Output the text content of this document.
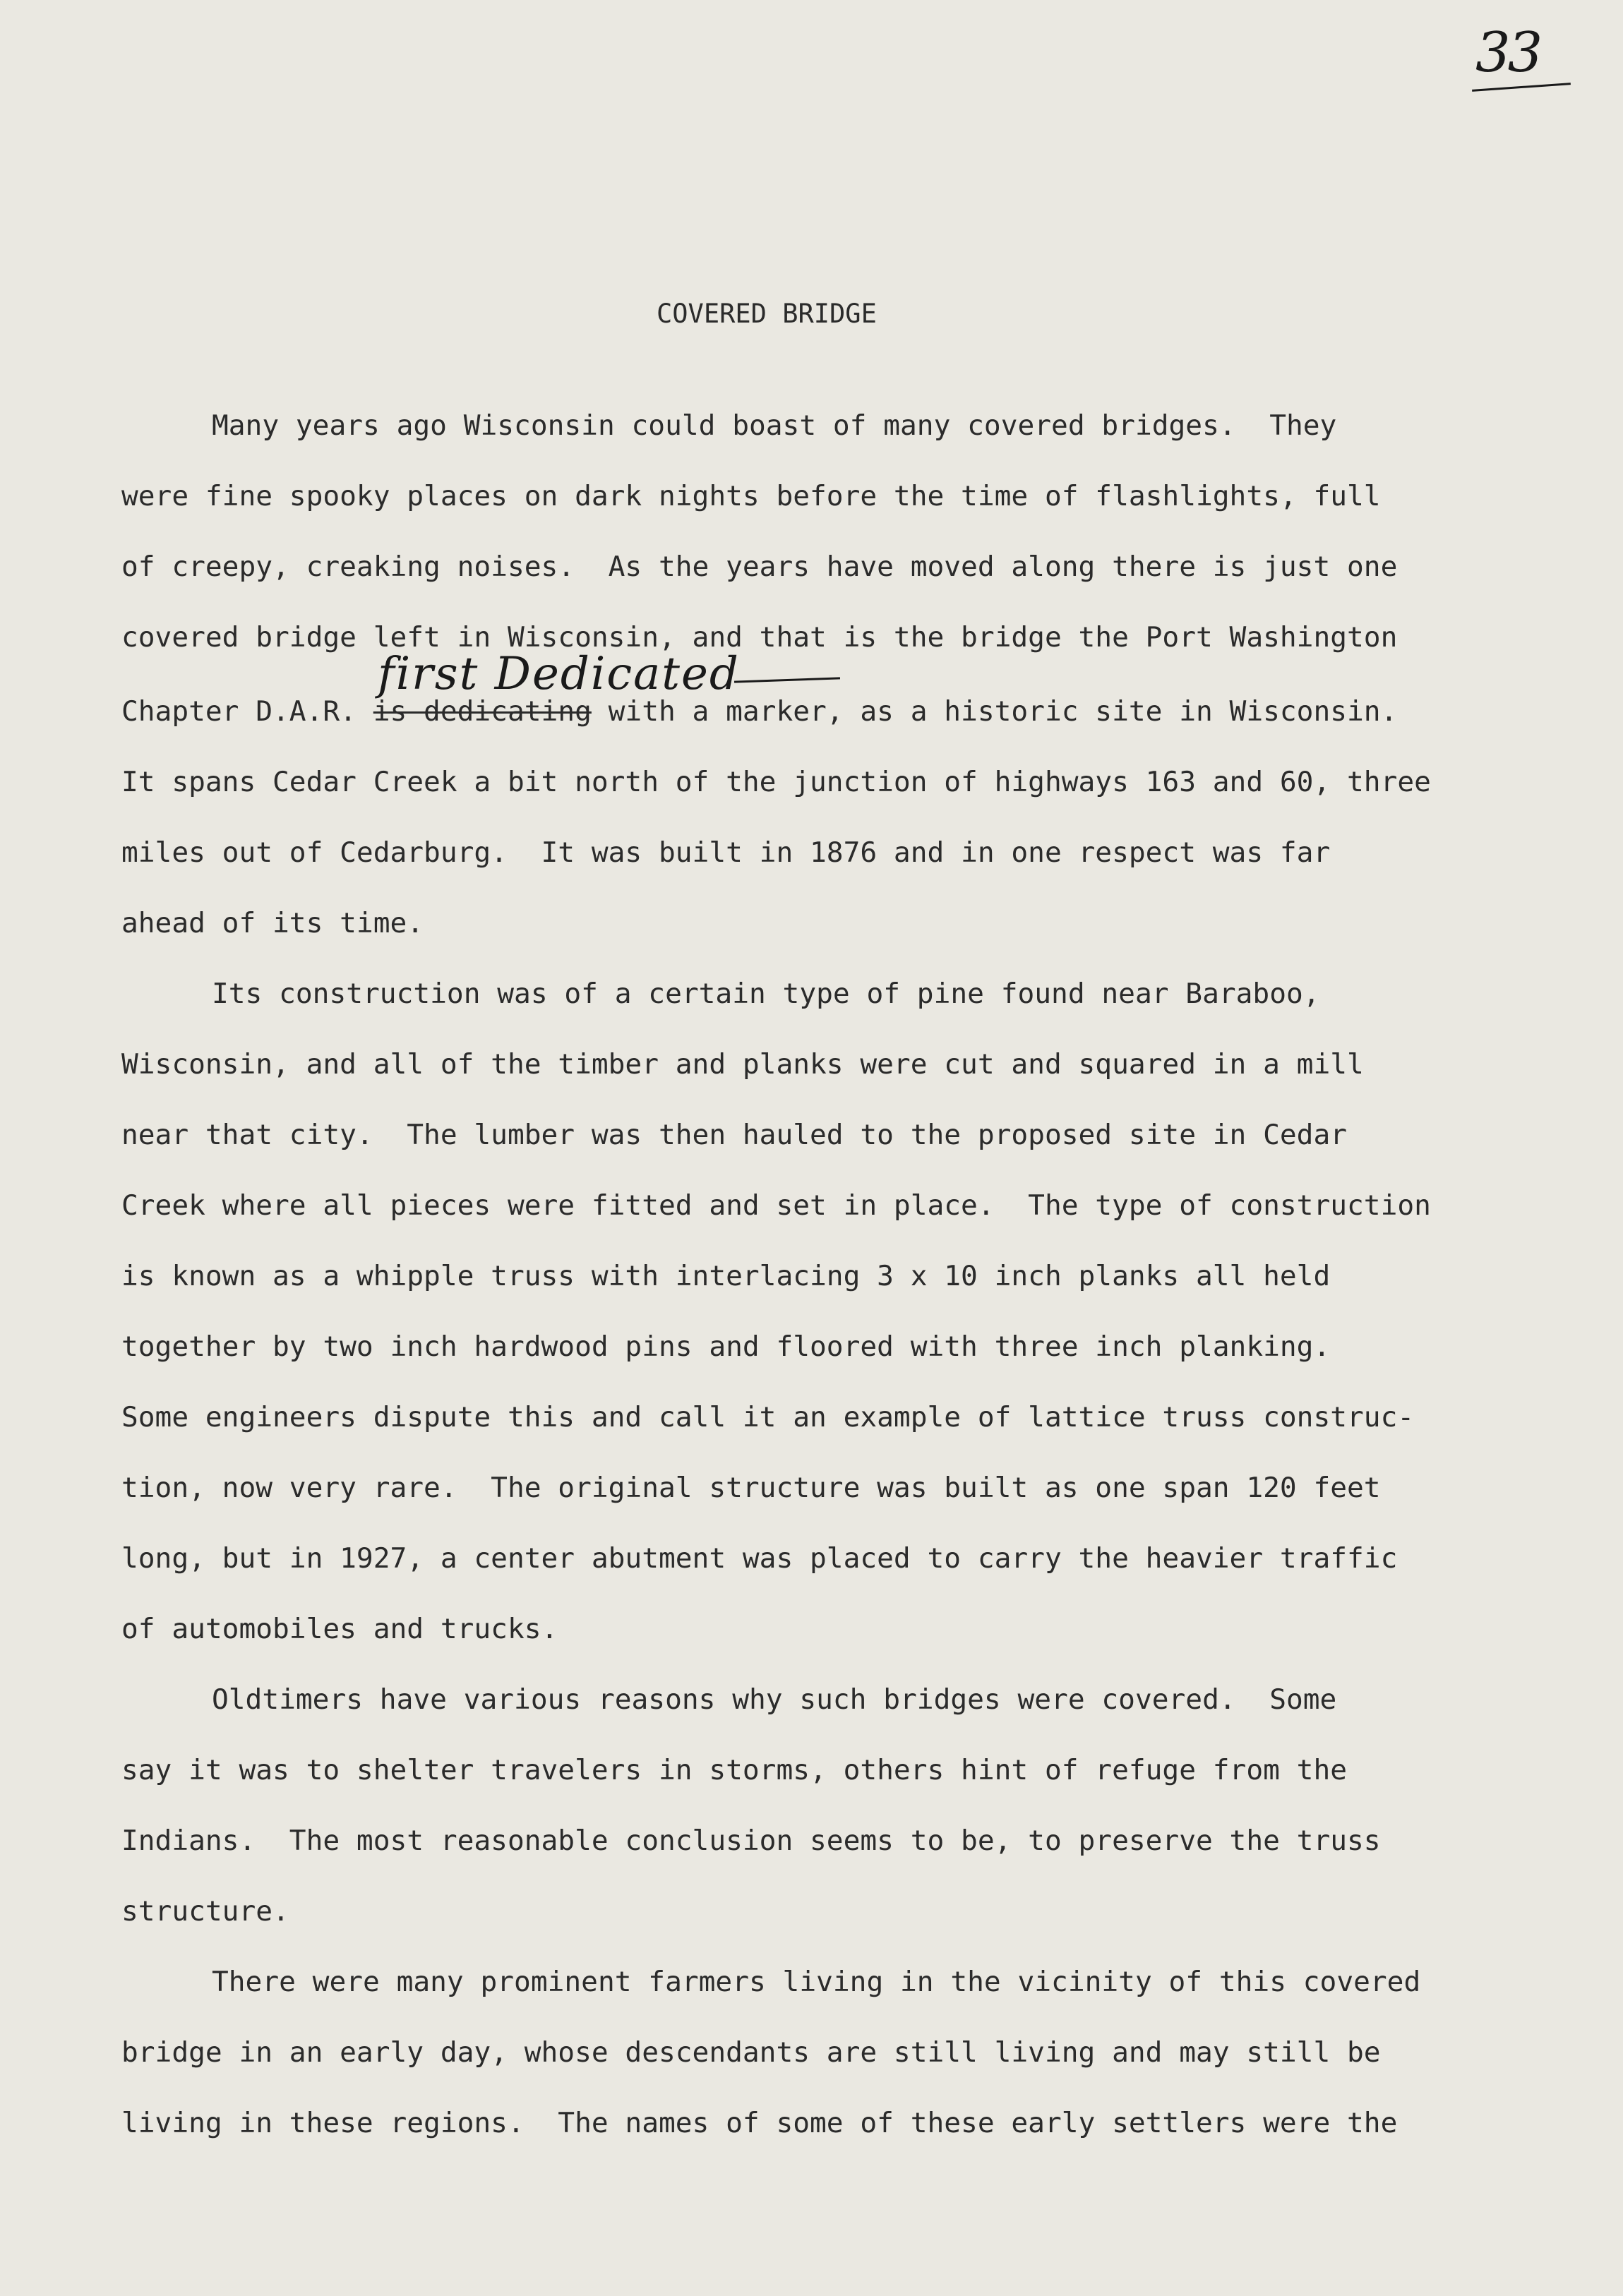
33
COVERED BRIDGE
first Dedicated
Many years ago Wisconsin could boast of many covered bridges.  They
were fine spooky places on dark nights before the time of flashlights, full
of creepy, creaking noises.  As the years have moved along there is just one
covered bridge left in Wisconsin, and that is the bridge the Port Washington
Chapter D.A.R. is dedicating with a marker, as a historic site in Wisconsin.
It spans Cedar Creek a bit north of the junction of highways 163 and 60, three
miles out of Cedarburg.  It was built in 1876 and in one respect was far
ahead of its time.
Its construction was of a certain type of pine found near Baraboo,
Wisconsin, and all of the timber and planks were cut and squared in a mill
near that city.  The lumber was then hauled to the proposed site in Cedar
Creek where all pieces were fitted and set in place.  The type of construction
is known as a whipple truss with interlacing 3 x 10 inch planks all held
together by two inch hardwood pins and floored with three inch planking.
Some engineers dispute this and call it an example of lattice truss construc-
tion, now very rare.  The original structure was built as one span 120 feet
long, but in 1927, a center abutment was placed to carry the heavier traffic
of automobiles and trucks.
Oldtimers have various reasons why such bridges were covered.  Some
say it was to shelter travelers in storms, others hint of refuge from the
Indians.  The most reasonable conclusion seems to be, to preserve the truss
structure.
There were many prominent farmers living in the vicinity of this covered
bridge in an early day, whose descendants are still living and may still be
living in these regions.  The names of some of these early settlers were the
